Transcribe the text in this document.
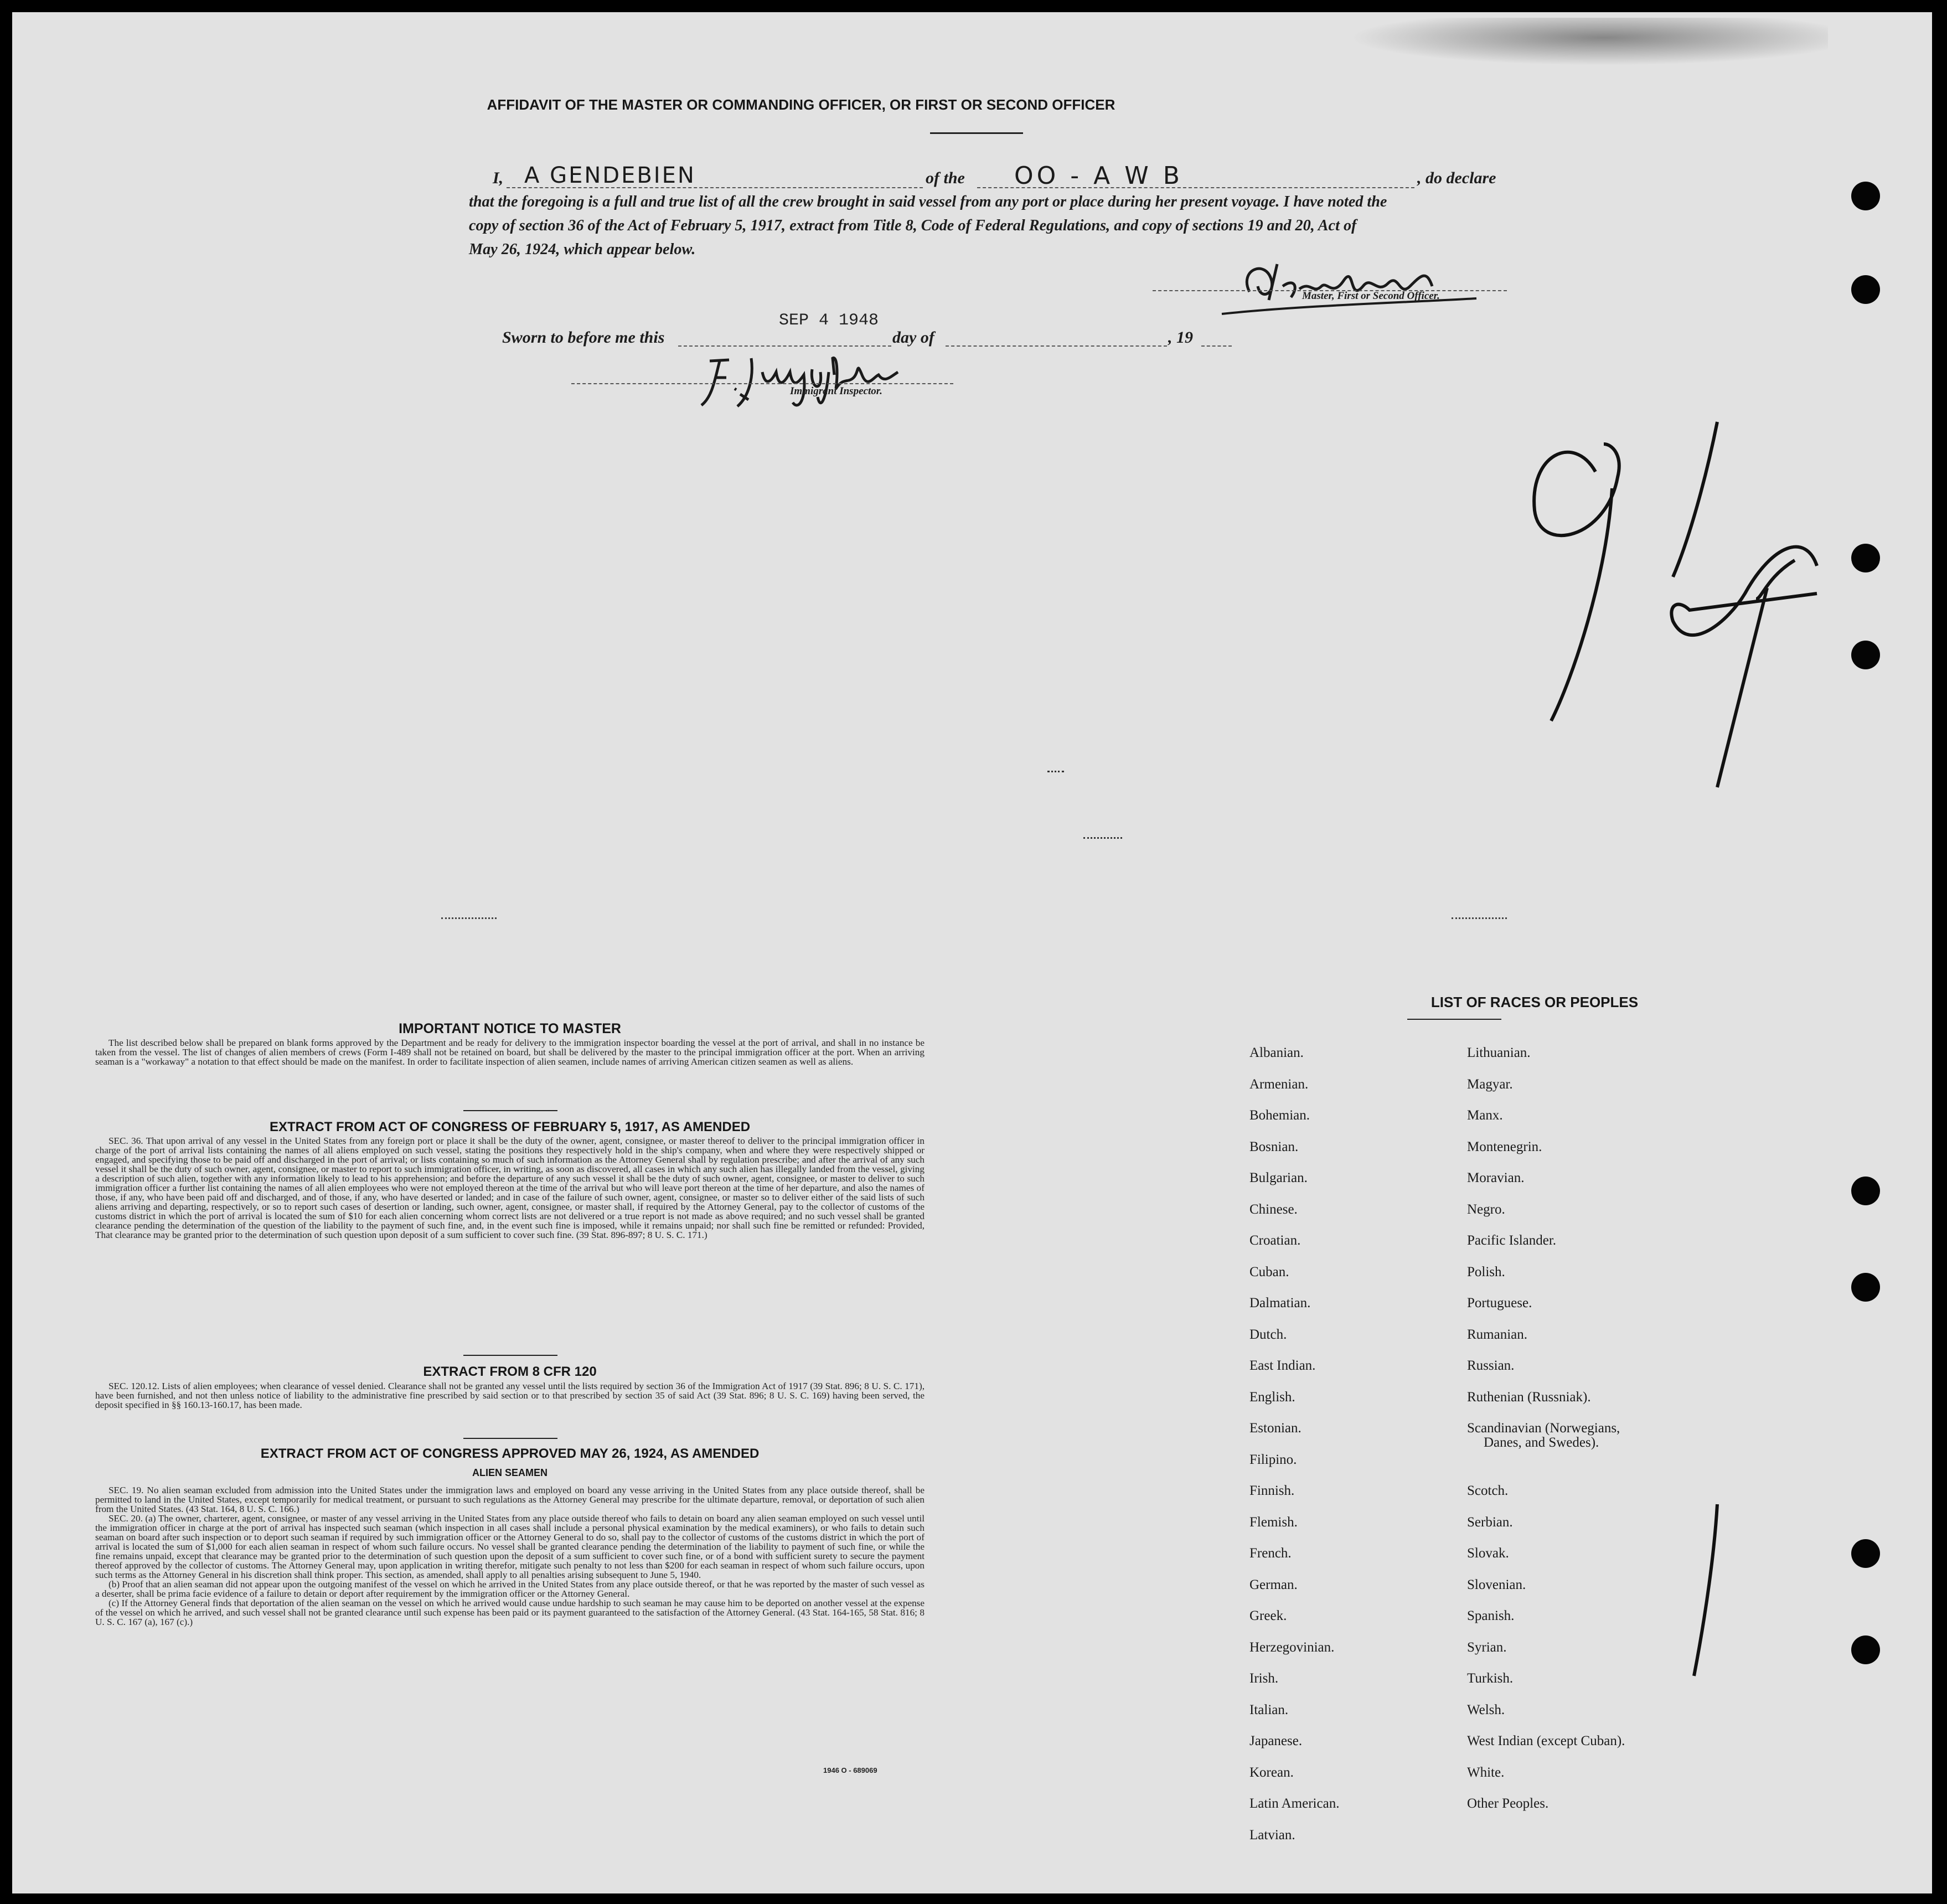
AFFIDAVIT OF THE MASTER OR COMMANDING OFFICER, OR FIRST OR SECOND OFFICER
I, A GENDEBIEN	of the OO - A W B	, do declare
that the foregoing is a full and true list of all the crew brought in said vessel from any port or place during her present voyage. I have noted the
copy of section 36 of the Act of February 5, 1917, extract from Title 8, Code of Federal Regulations, and copy of sections 19 and 20, Act of
May 26, 1924, which appear below.
Master, First or Second Officer.
Sworn to before me this
SEP 4 1948
day of	, 19
Immigrant Inspector.
IMPORTANT NOTICE TO MASTER

The list described below shall be prepared on blank forms approved by the Department and be ready for delivery to the immigration inspector boarding the vessel at the port of arrival, and shall in no instance be taken from the vessel. The list of changes of alien members of crews (Form I-489 shall not be retained on board, but shall be delivered by the master to the principal immigration officer at the port. When an arriving seaman is a "workaway" a notation to that effect should be made on the manifest. In order to facilitate inspection of alien seamen, include names of arriving American citizen seamen as well as aliens.

EXTRACT FROM ACT OF CONGRESS OF FEBRUARY 5, 1917, AS AMENDED

SEC. 36. That upon arrival of any vessel in the United States from any foreign port or place it shall be the duty of the owner, agent, consignee, or master thereof to deliver to the principal immigration officer in charge of the port of arrival lists containing the names of all aliens employed on such vessel, stating the positions they respectively hold in the ship's company, when and where they were respectively shipped or engaged, and specifying those to be paid off and discharged in the port of arrival; or lists containing so much of such information as the Attorney General shall by regulation prescribe; and after the arrival of any such vessel it shall be the duty of such owner, agent, consignee, or master to report to such immigration officer, in writing, as soon as discovered, all cases in which any such alien has illegally landed from the vessel, giving a description of such alien, together with any information likely to lead to his apprehension; and before the departure of any such vessel it shall be the duty of such owner, agent, consignee, or master to deliver to such immigration officer a further list containing the names of all alien employees who were not employed thereon at the time of the arrival but who will leave port thereon at the time of her departure, and also the names of those, if any, who have been paid off and discharged, and of those, if any, who have deserted or landed; and in case of the failure of such owner, agent, consignee, or master so to deliver either of the said lists of such aliens arriving and departing, respectively, or so to report such cases of desertion or landing, such owner, agent, consignee, or master shall, if required by the Attorney General, pay to the collector of customs of the customs district in which the port of arrival is located the sum of $10 for each alien concerning whom correct lists are not delivered or a true report is not made as above required; and no such vessel shall be granted clearance pending the determination of the question of the liability to the payment of such fine, and, in the event such fine is imposed, while it remains unpaid; nor shall such fine be remitted or refunded: Provided, That clearance may be granted prior to the determination of such question upon deposit of a sum sufficient to cover such fine. (39 Stat. 896-897; 8 U. S. C. 171.)

EXTRACT FROM 8 CFR 120

SEC. 120.12. Lists of alien employees; when clearance of vessel denied. Clearance shall not be granted any vessel until the lists required by section 36 of the Immigration Act of 1917 (39 Stat. 896; 8 U. S. C. 171), have been furnished, and not then unless notice of liability to the administrative fine prescribed by said section or to that prescribed by section 35 of said Act (39 Stat. 896; 8 U. S. C. 169) having been served, the deposit specified in §§ 160.13-160.17, has been made.

EXTRACT FROM ACT OF CONGRESS APPROVED MAY 26, 1924, AS AMENDED
ALIEN SEAMEN

SEC. 19. No alien seaman excluded from admission into the United States under the immigration laws and employed on board any vesse arriving in the United States from any place outside thereof, shall be permitted to land in the United States, except temporarily for medical treatment, or pursuant to such regulations as the Attorney General may prescribe for the ultimate departure, removal, or deportation of such alien from the United States. (43 Stat. 164, 8 U. S. C. 166.)

SEC. 20. (a) The owner, charterer, agent, consignee, or master of any vessel arriving in the United States from any place outside thereof who fails to detain on board any alien seaman employed on such vessel until the immigration officer in charge at the port of arrival has inspected such seaman (which inspection in all cases shall include a personal physical examination by the medical examiners), or who fails to detain such seaman on board after such inspection or to deport such seaman if required by such immigration officer or the Attorney General to do so, shall pay to the collector of customs of the customs district in which the port of arrival is located the sum of $1,000 for each alien seaman in respect of whom such failure occurs. No vessel shall be granted clearance pending the determination of the liability to payment of such fine, or while the fine remains unpaid, except that clearance may be granted prior to the determination of such question upon the deposit of a sum sufficient to cover such fine, or of a bond with sufficient surety to secure the payment thereof approved by the collector of customs. The Attorney General may, upon application in writing therefor, mitigate such penalty to not less than $200 for each seaman in respect of whom such failure occurs, upon such terms as the Attorney General in his discretion shall think proper. This section, as amended, shall apply to all penalties arising subsequent to June 5, 1940.

(b) Proof that an alien seaman did not appear upon the outgoing manifest of the vessel on which he arrived in the United States from any place outside thereof, or that he was reported by the master of such vessel as a deserter, shall be prima facie evidence of a failure to detain or deport after requirement by the immigration officer or the Attorney General.

(c) If the Attorney General finds that deportation of the alien seaman on the vessel on which he arrived would cause undue hardship to such seaman he may cause him to be deported on another vessel at the expense of the vessel on which he arrived, and such vessel shall not be granted clearance until such expense has been paid or its payment guaranteed to the satisfaction of the Attorney General. (43 Stat. 164-165, 58 Stat. 816; 8 U. S. C. 167 (a), 167 (c).)

1946 O - 689069
LIST OF RACES OR PEOPLES
Albanian.
Armenian.
Bohemian.
Bosnian.
Bulgarian.
Chinese.
Croatian.
Cuban.
Dalmatian.
Dutch.
East Indian.
English.
Estonian.
Filipino.
Finnish.
Flemish.
French.
German.
Greek.
Herzegovinian.
Irish.
Italian.
Japanese.
Korean.
Latin American.
Latvian.
Lithuanian.
Magyar.
Manx.
Montenegrin.
Moravian.
Negro.
Pacific Islander.
Polish.
Portuguese.
Rumanian.
Russian.
Ruthenian (Russniak).
Scandinavian (Norwegians,
Danes, and Swedes).
Scotch.
Serbian.
Slovak.
Slovenian.
Spanish.
Syrian.
Turkish.
Welsh.
West Indian (except Cuban).
White.
Other Peoples.
